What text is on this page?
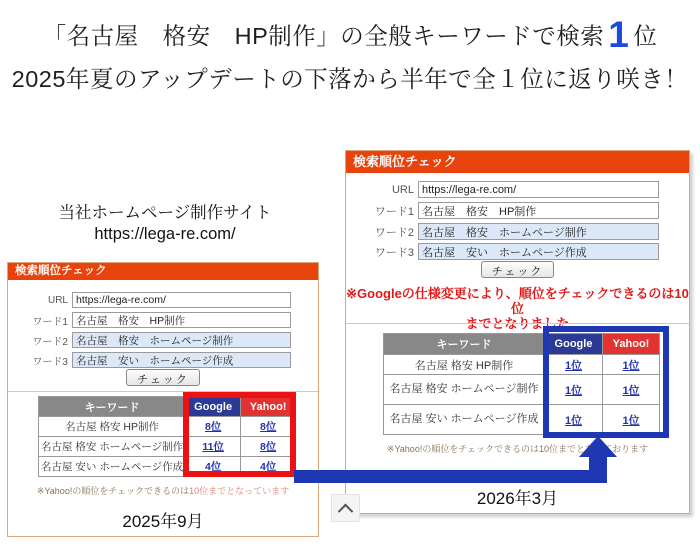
「名古屋　格安　HP制作」の全般キーワードで検索 1 位
2025年夏のアップデートの下落から半年で全１位に返り咲き！
当社ホームページ制作サイト
https://lega-re.com/
検索順位チェック
URL
https://lega-re.com/
ワード1
名古屋　格安　HP制作
ワード2
名古屋　格安　ホームページ制作
ワード3
名古屋　安い　ホームページ作成
チェック
キーワード	Google	Yahoo!
名古屋 格安 HP制作	8位	8位
名古屋 格安 ホームページ制作	11位	8位
名古屋 安い ホームページ作成	4位	4位
※Yahoo!の順位をチェックできるのは10位までとなっています
2025年9月
検索順位チェック
URL
https://lega-re.com/
ワード1
名古屋　格安　HP制作
ワード2
名古屋　格安　ホームページ制作
ワード3
名古屋　安い　ホームページ作成
チェック
※Googleの仕様変更により、順位をチェックできるのは10位
までとなりました
キーワード	Google	Yahoo!
名古屋 格安 HP制作	1位	1位
名古屋 格安 ホームページ制作	1位	1位
名古屋 安い ホームページ作成	1位	1位
※Yahoo!の順位をチェックできるのは10位までとなっております
2026年3月
